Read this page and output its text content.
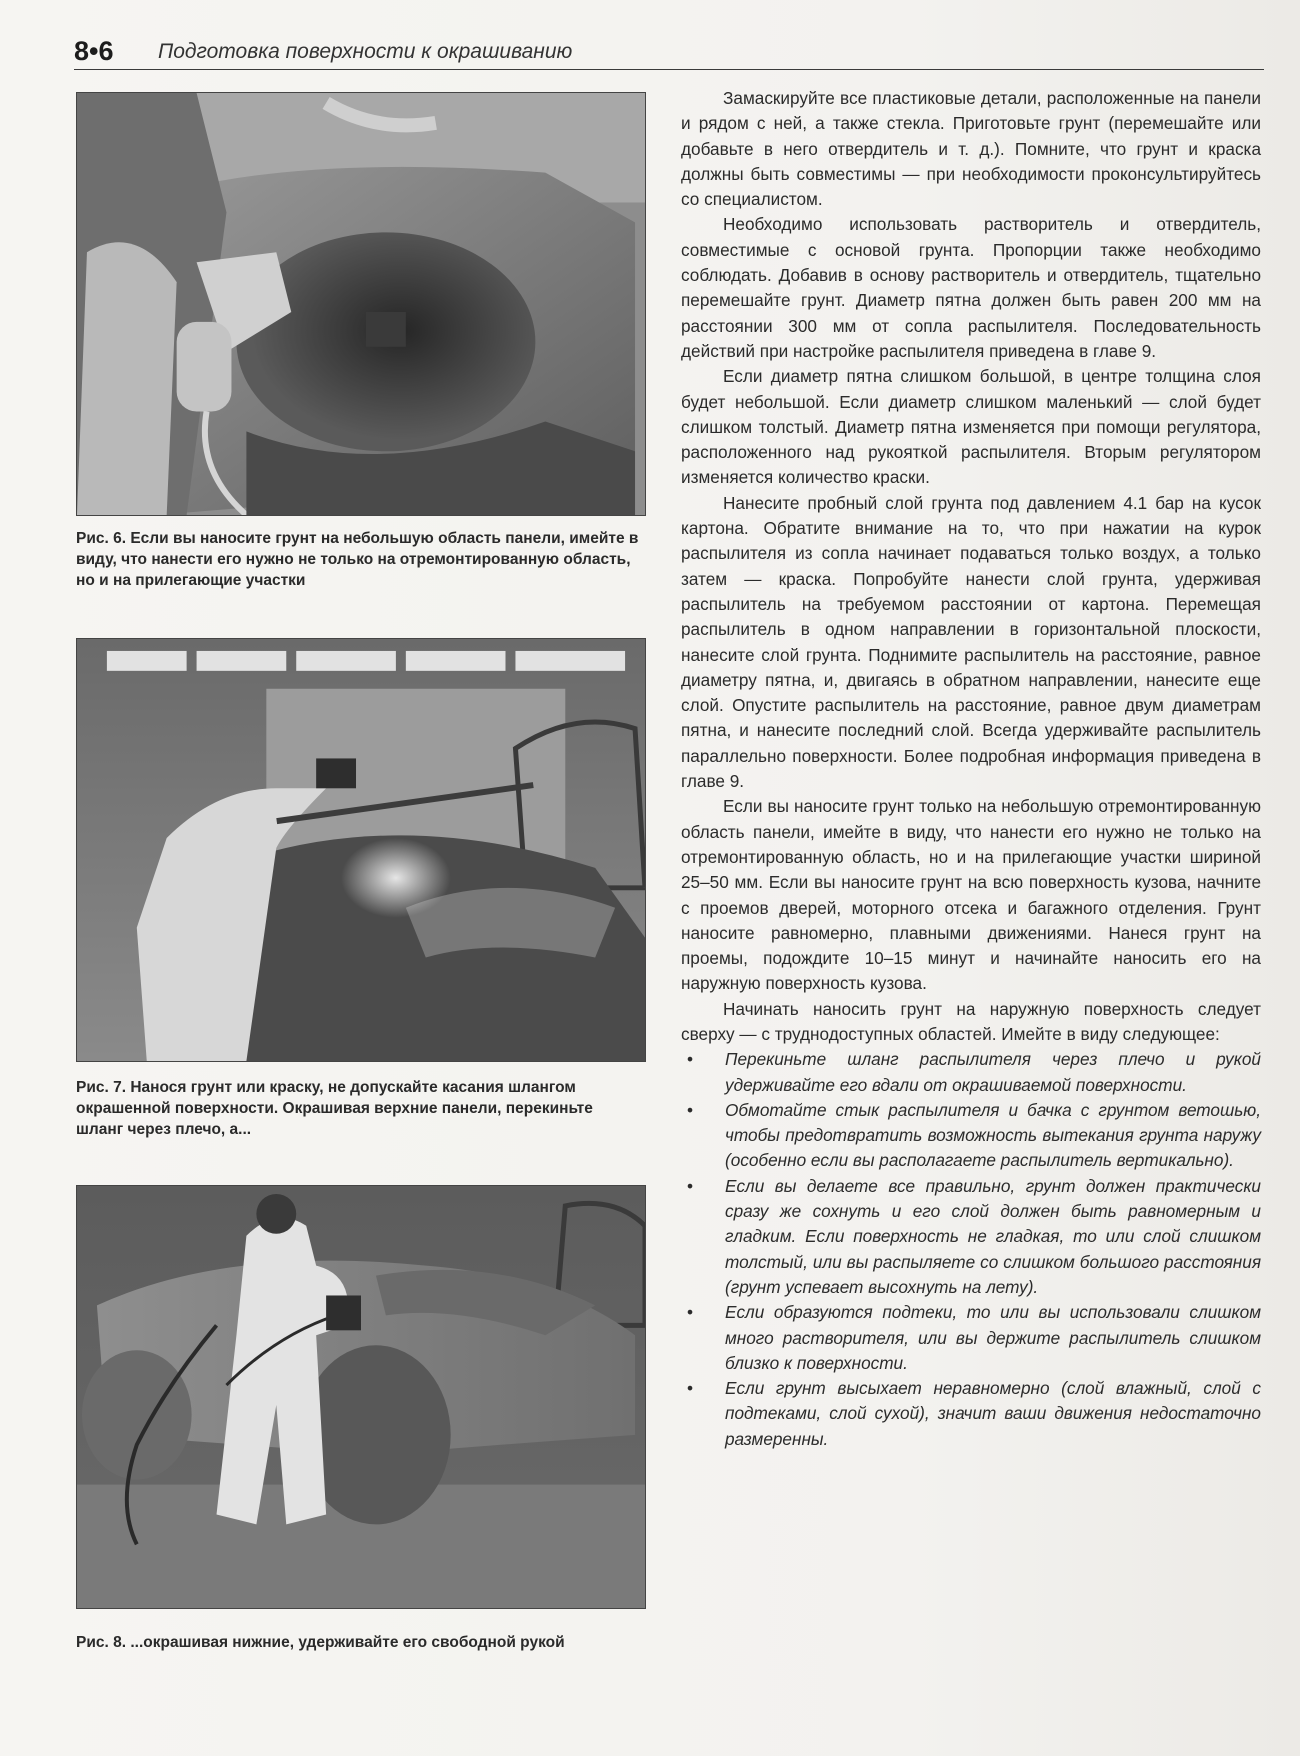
8•6 Подготовка поверхности к окрашиванию
Рис. 6. Если вы наносите грунт на небольшую область панели, имейте в виду, что нанести его нужно не только на отремонтированную область, но и на прилегающие участки
Рис. 7. Нанося грунт или краску, не допускайте касания шлангом окрашенной поверхности. Окрашивая верхние панели, перекиньте шланг через плечо, а...
Рис. 8. ...окрашивая нижние, удерживайте его свободной рукой

Замаскируйте все пластиковые детали, расположенные на панели и рядом с ней, а также стекла. Приготовьте грунт (перемешайте или добавьте в него отвердитель и т. д.). Помните, что грунт и краска должны быть совместимы — при необходимости проконсультируйтесь со специалистом.

Необходимо использовать растворитель и отвердитель, совместимые с основой грунта. Пропорции также необходимо соблюдать. Добавив в основу растворитель и отвердитель, тщательно перемешайте грунт. Диаметр пятна должен быть равен 200 мм на расстоянии 300 мм от сопла распылителя. Последовательность действий при настройке распылителя приведена в главе 9.

Если диаметр пятна слишком большой, в центре толщина слоя будет небольшой. Если диаметр слишком маленький — слой будет слишком толстый. Диаметр пятна изменяется при помощи регулятора, расположенного над рукояткой распылителя. Вторым регулятором изменяется количество краски.

Нанесите пробный слой грунта под давлением 4.1 бар на кусок картона. Обратите внимание на то, что при нажатии на курок распылителя из сопла начинает подаваться только воздух, а только затем — краска. Попробуйте нанести слой грунта, удерживая распылитель на требуемом расстоянии от картона. Перемещая распылитель в одном направлении в горизонтальной плоскости, нанесите слой грунта. Поднимите распылитель на расстояние, равное диаметру пятна, и, двигаясь в обратном направлении, нанесите еще слой. Опустите распылитель на расстояние, равное двум диаметрам пятна, и нанесите последний слой. Всегда удерживайте распылитель параллельно поверхности. Более подробная информация приведена в главе 9.

Если вы наносите грунт только на небольшую отремонтированную область панели, имейте в виду, что нанести его нужно не только на отремонтированную область, но и на прилегающие участки шириной 25–50 мм. Если вы наносите грунт на всю поверхность кузова, начните с проемов дверей, моторного отсека и багажного отделения. Грунт наносите равномерно, плавными движениями. Нанеся грунт на проемы, подождите 10–15 минут и начинайте наносить его на наружную поверхность кузова.

Начинать наносить грунт на наружную поверхность следует сверху — с труднодоступных областей. Имейте в виду следующее:

• Перекиньте шланг распылителя через плечо и рукой удерживайте его вдали от окрашиваемой поверхности.
• Обмотайте стык распылителя и бачка с грунтом ветошью, чтобы предотвратить возможность вытекания грунта наружу (особенно если вы располагаете распылитель вертикально).
• Если вы делаете все правильно, грунт должен практически сразу же сохнуть и его слой должен быть равномерным и гладким. Если поверхность не гладкая, то или слой слишком толстый, или вы распыляете со слишком большого расстояния (грунт успевает высохнуть на лету).
• Если образуются подтеки, то или вы использовали слишком много растворителя, или вы держите распылитель слишком близко к поверхности.
• Если грунт высыхает неравномерно (слой влажный, слой с подтеками, слой сухой), значит ваши движения недостаточно размеренны.
